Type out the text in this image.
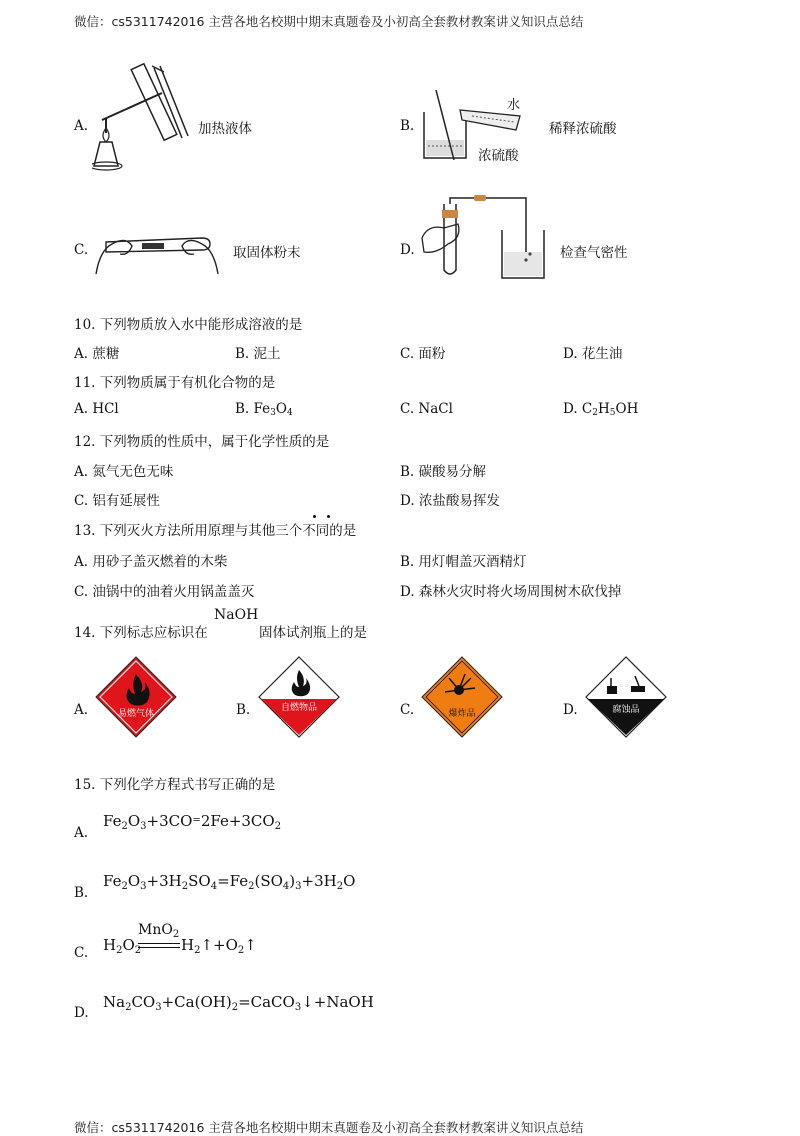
微信：cs5311742016 主营各地名校期中期末真题卷及小初高全套教材教案讲义知识点总结
A.	加热液体	B.
水
浓硫酸
稀释浓硫酸
C.	取固体粉末	D.	检查气密性
10. 下列物质放入水中能形成溶液的是
A. 蔗糖	B. 泥土	C. 面粉	D. 花生油
11. 下列物质属于有机化合物的是
A. HCl	B. $Fe_3O_4$	C. NaCl	D. $C_2H_5OH$
12. 下列物质的性质中，属于化学性质的是
A. 氮气无色无味	B. 碳酸易分解
C. 铝有延展性	D. 浓盐酸易挥发
13. 下列灭火方法所用原理与其他三个不同的是
A. 用砂子盖灭燃着的木柴	B. 用灯帽盖灭酒精灯
C. 油锅中的油着火用锅盖盖灭	D. 森林火灾时将火场周围树木砍伐掉
14. 下列标志应标识在
NaOH
固体试剂瓶上的是
A.	易燃气体	B.	自燃物品	C.	爆炸品	D.	腐蚀品
15. 下列化学方程式书写正确的是
A.
$Fe_2O_3+3CO^=2Fe+3CO_2$
B.
$Fe_2O_3+3H_2SO_4=Fe_2(SO_4)_3+3H_2O$
C. $H_2O_2$
MnO$_2$
$H_2↑+O_2↑$
D.
$Na_2CO_3+Ca(OH)_2=CaCO_3↓+NaOH$
微信：cs5311742016 主营各地名校期中期末真题卷及小初高全套教材教案讲义知识点总结
